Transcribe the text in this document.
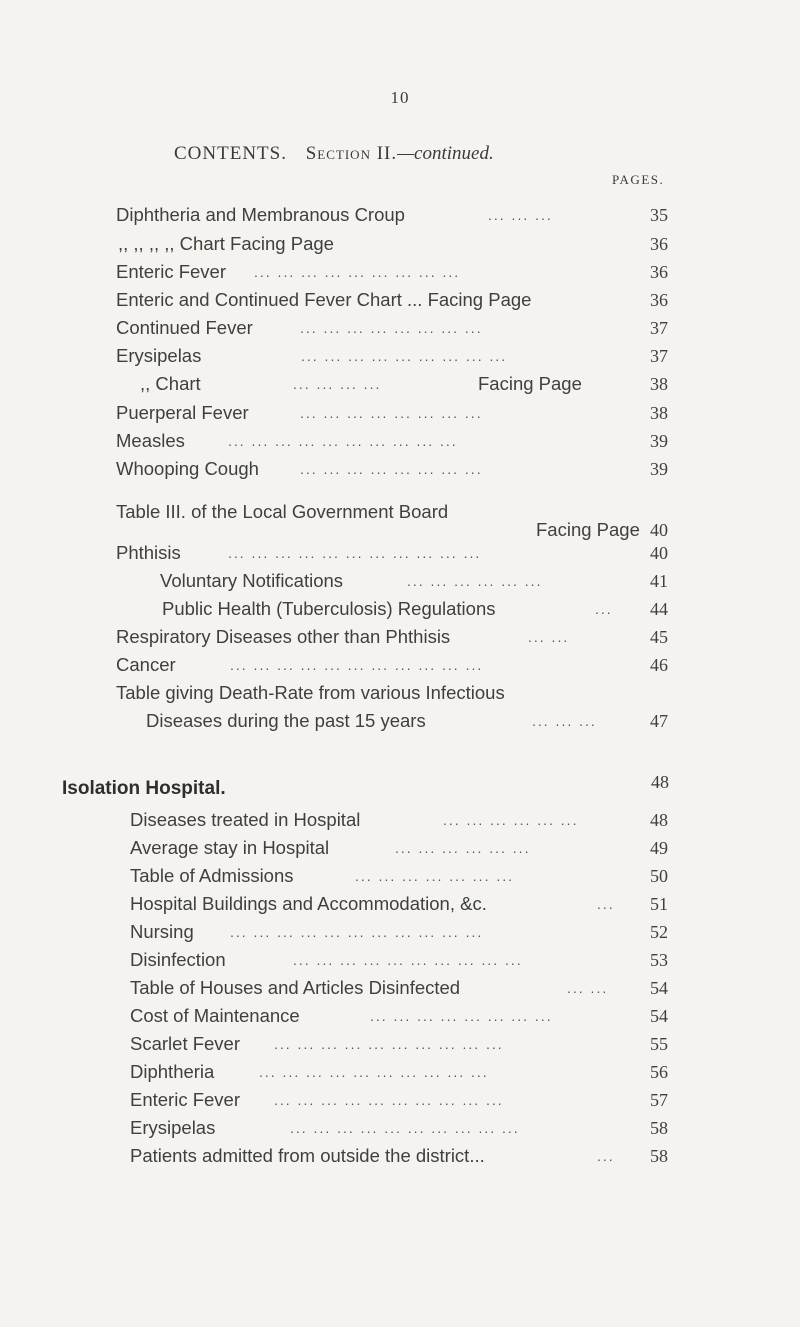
10
CONTENTS. Section II.—continued.
PAGES.
Diphtheria and Membranous Croup	... ... ...	35
,, ,, ,, ,, Chart Facing Page	36
Enteric Fever ... ... ... ... ... ... ... ... ...	36
Enteric and Continued Fever Chart ... Facing Page	36
Continued Fever	... ... ... ... ... ... ... ...	37
Erysipelas	... ... ... ... ... ... ... ... ...	37
,, Chart	... ... ... ...	Facing Page	38
Puerperal Fever	... ... ... ... ... ... ... ...	38
Measles	... ... ... ... ... ... ... ... ... ...	39
Whooping Cough	... ... ... ... ... ... ... ...	39
Table III. of the Local Government Board
Facing Page 40
Phthisis	... ... ... ... ... ... ... ... ... ... ...	40
Voluntary Notifications	... ... ... ... ... ...	41
Public Health (Tuberculosis) Regulations	...	44
Respiratory Diseases other than Phthisis	... ...	45
Cancer	... ... ... ... ... ... ... ... ... ... ...	46
Table giving Death-Rate from various Infectious
Diseases during the past 15 years	... ... ...	47
Diseases treated in Hospital	... ... ... ... ... ...	48
Average stay in Hospital	... ... ... ... ... ...	49
Table of Admissions	... ... ... ... ... ... ...	50
Hospital Buildings and Accommodation, &c.	...	51
Nursing	... ... ... ... ... ... ... ... ... ... ...	52
Disinfection	... ... ... ... ... ... ... ... ... ...	53
Table of Houses and Articles Disinfected	... ...	54
Cost of Maintenance	... ... ... ... ... ... ... ...	54
Scarlet Fever ... ... ... ... ... ... ... ... ... ...	55
Diphtheria	... ... ... ... ... ... ... ... ... ...	56
Enteric Fever ... ... ... ... ... ... ... ... ... ...	57
Erysipelas	... ... ... ... ... ... ... ... ... ...	58
Patients admitted from outside the district...	...	58
Isolation Hospital.	48
